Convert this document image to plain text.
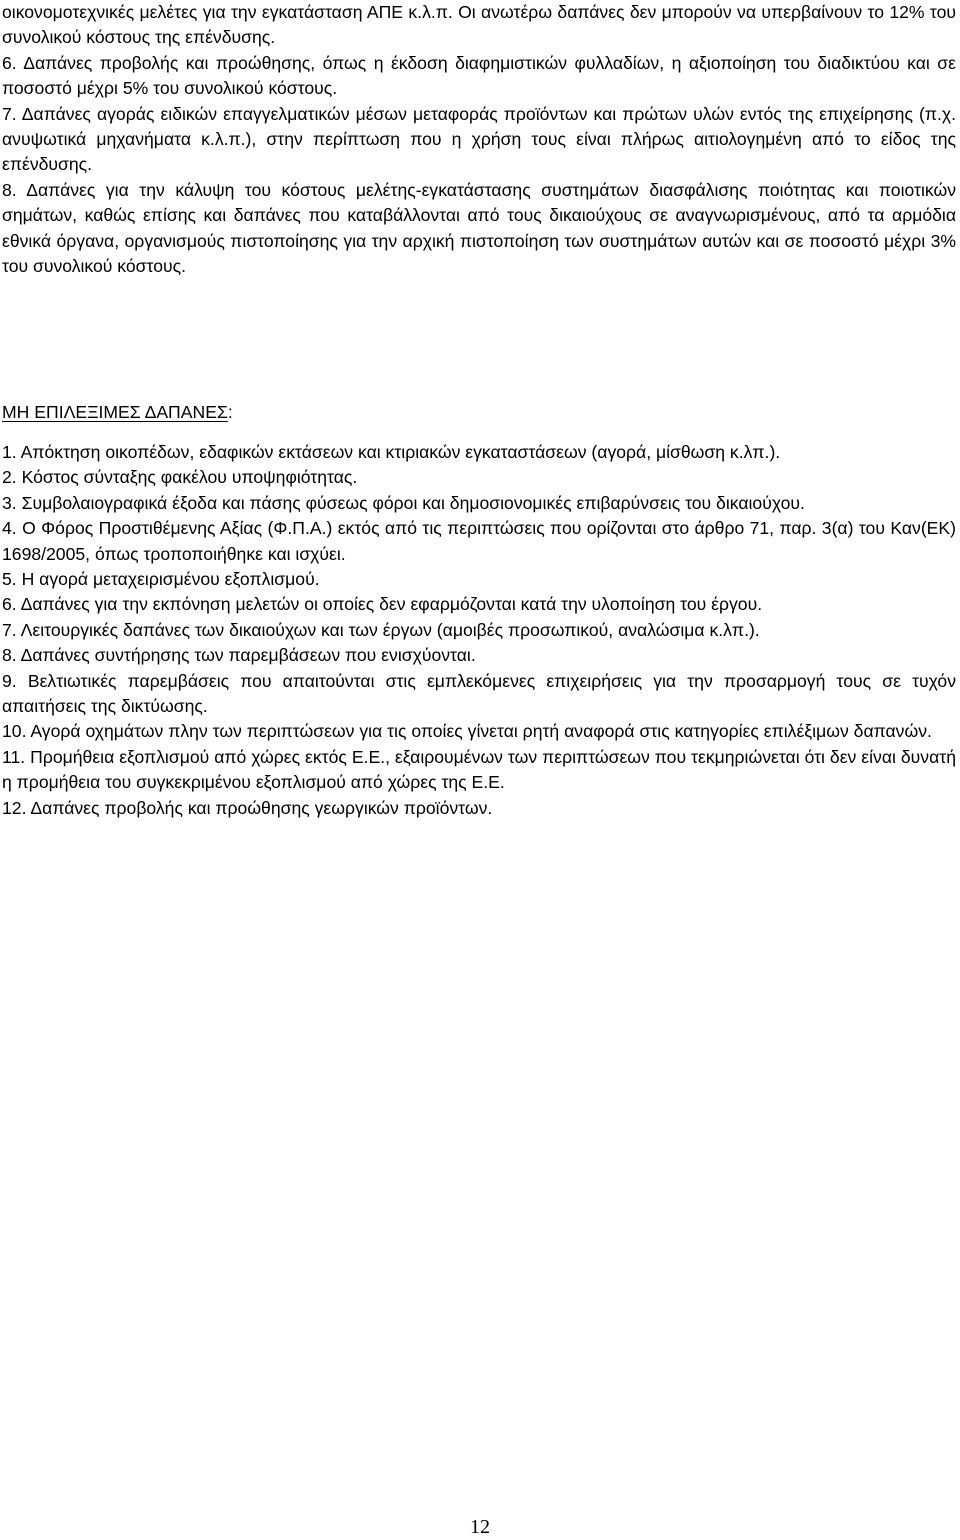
οικονομοτεχνικές μελέτες για την εγκατάσταση ΑΠΕ κ.λ.π. Οι ανωτέρω δαπάνες δεν μπορούν να υπερβαίνουν το 12% του συνολικού κόστους της επένδυσης.

6. Δαπάνες προβολής και προώθησης, όπως η έκδοση διαφημιστικών φυλλαδίων, η αξιοποίηση του διαδικτύου και σε ποσοστό μέχρι 5% του συνολικού κόστους.

7. Δαπάνες αγοράς ειδικών επαγγελματικών μέσων μεταφοράς προϊόντων και πρώτων υλών εντός της επιχείρησης (π.χ. ανυψωτικά μηχανήματα κ.λ.π.), στην περίπτωση που η χρήση τους είναι πλήρως αιτιολογημένη από το είδος της επένδυσης.

8. Δαπάνες για την κάλυψη του κόστους μελέτης-εγκατάστασης συστημάτων διασφάλισης ποιότητας και ποιοτικών σημάτων, καθώς επίσης και δαπάνες που καταβάλλονται από τους δικαιούχους σε αναγνωρισμένους, από τα αρμόδια εθνικά όργανα, οργανισμούς πιστοποίησης για την αρχική πιστοποίηση των συστημάτων αυτών και σε ποσοστό μέχρι 3% του συνολικού κόστους.

ΜΗ ΕΠΙΛΕΞΙΜΕΣ ΔΑΠΑΝΕΣ:

1. Απόκτηση οικοπέδων, εδαφικών εκτάσεων και κτιριακών εγκαταστάσεων (αγορά, μίσθωση κ.λπ.).

2. Κόστος σύνταξης φακέλου υποψηφιότητας.

3. Συμβολαιογραφικά έξοδα και πάσης φύσεως φόροι και δημοσιονομικές επιβαρύνσεις του δικαιούχου.

4. Ο Φόρος Προστιθέμενης Αξίας (Φ.Π.Α.) εκτός από τις περιπτώσεις που ορίζονται στο άρθρο 71, παρ. 3(α) του Καν(ΕΚ) 1698/2005, όπως τροποποιήθηκε και ισχύει.

5. Η αγορά μεταχειρισμένου εξοπλισμού.

6. Δαπάνες για την εκπόνηση μελετών οι οποίες δεν εφαρμόζονται κατά την υλοποίηση του έργου.

7. Λειτουργικές δαπάνες των δικαιούχων και των έργων (αμοιβές προσωπικού, αναλώσιμα κ.λπ.).

8. Δαπάνες συντήρησης των παρεμβάσεων που ενισχύονται.

9. Βελτιωτικές παρεμβάσεις που απαιτούνται στις εμπλεκόμενες επιχειρήσεις για την προσαρμογή τους σε τυχόν απαιτήσεις της δικτύωσης.

10. Αγορά οχημάτων πλην των περιπτώσεων για τις οποίες γίνεται ρητή αναφορά στις κατηγορίες επιλέξιμων δαπανών.

11. Προμήθεια εξοπλισμού από χώρες εκτός Ε.Ε., εξαιρουμένων των περιπτώσεων που τεκμηριώνεται ότι δεν είναι δυνατή η προμήθεια του συγκεκριμένου εξοπλισμού από χώρες της Ε.Ε.

12. Δαπάνες προβολής και προώθησης γεωργικών προϊόντων.

12
